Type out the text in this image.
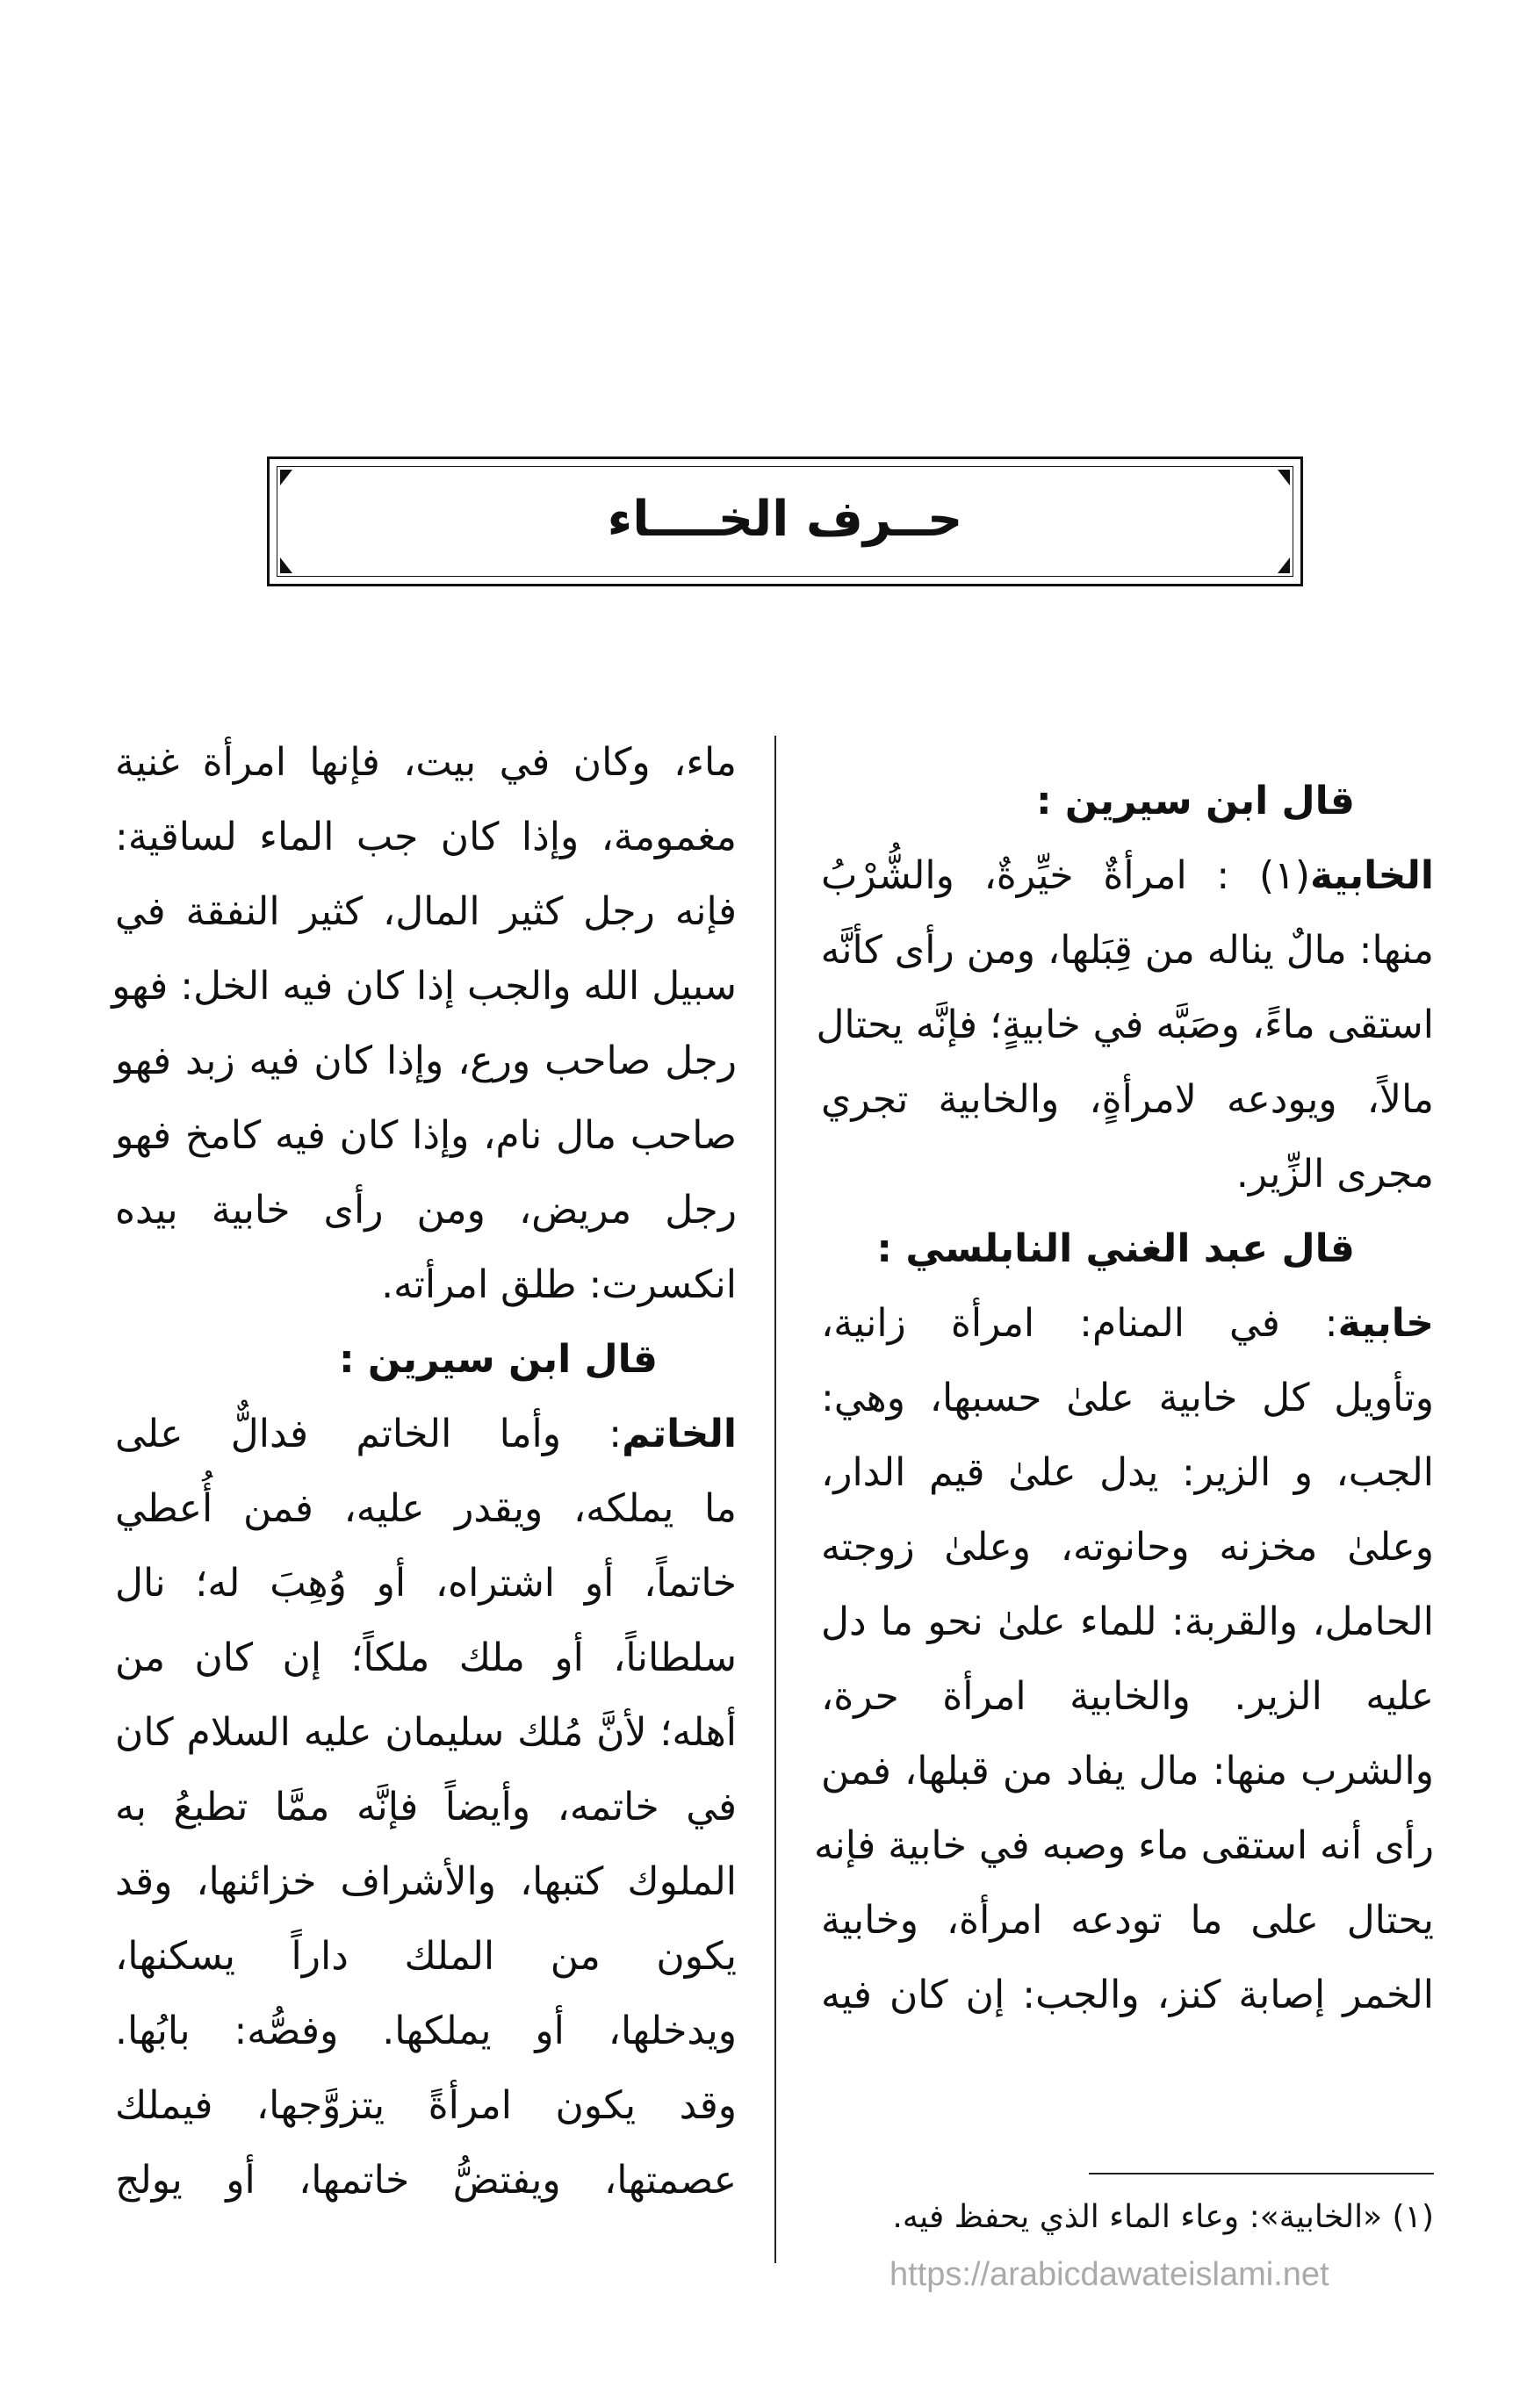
حــرف الخــــاء
قال ابن سيرين :
الخابية(١) : امرأةٌ خيِّرةٌ، والشُّرْبُ
منها: مالٌ يناله من قِبَلها، ومن رأى كأنَّه
استقى ماءً، وصَبَّه في خابيةٍ؛ فإنَّه يحتال
مالاً، ويودعه لامرأةٍ، والخابية تجري
مجرى الزِّير.
قال عبد الغني النابلسي :
خابية: في المنام: امرأة زانية،
وتأويل كل خابية علىٰ حسبها، وهي:
الجب، و الزير: يدل علىٰ قيم الدار،
وعلىٰ مخزنه وحانوته، وعلىٰ زوجته
الحامل، والقربة: للماء علىٰ نحو ما دل
عليه الزير. والخابية امرأة حرة،
والشرب منها: مال يفاد من قبلها، فمن
رأى أنه استقى ماء وصبه في خابية فإنه
يحتال على ما تودعه امرأة، وخابية
الخمر إصابة كنز، والجب: إن كان فيه
ماء، وكان في بيت، فإنها امرأة غنية
مغمومة، وإذا كان جب الماء لساقية:
فإنه رجل كثير المال، كثير النفقة في
سبيل الله والجب إذا كان فيه الخل: فهو
رجل صاحب ورع، وإذا كان فيه زبد فهو
صاحب مال نام، وإذا كان فيه كامخ فهو
رجل مريض، ومن رأى خابية بيده
انكسرت: طلق امرأته.
قال ابن سيرين :
الخاتم: وأما الخاتم فدالٌّ على
ما يملكه، ويقدر عليه، فمن أُعطي
خاتماً، أو اشتراه، أو وُهِبَ له؛ نال
سلطاناً، أو ملك ملكاً؛ إن كان من
أهله؛ لأنَّ مُلك سليمان عليه السلام كان
في خاتمه، وأيضاً فإنَّه ممَّا تطبعُ به
الملوك كتبها، والأشراف خزائنها، وقد
يكون من الملك داراً يسكنها،
ويدخلها، أو يملكها. وفصُّه: بابُها.
وقد يكون امرأةً يتزوَّجها، فيملك
عصمتها، ويفتضُّ خاتمها، أو يولج
(١) «الخابية»: وعاء الماء الذي يحفظ فيه.
https://arabicdawateislami.net
